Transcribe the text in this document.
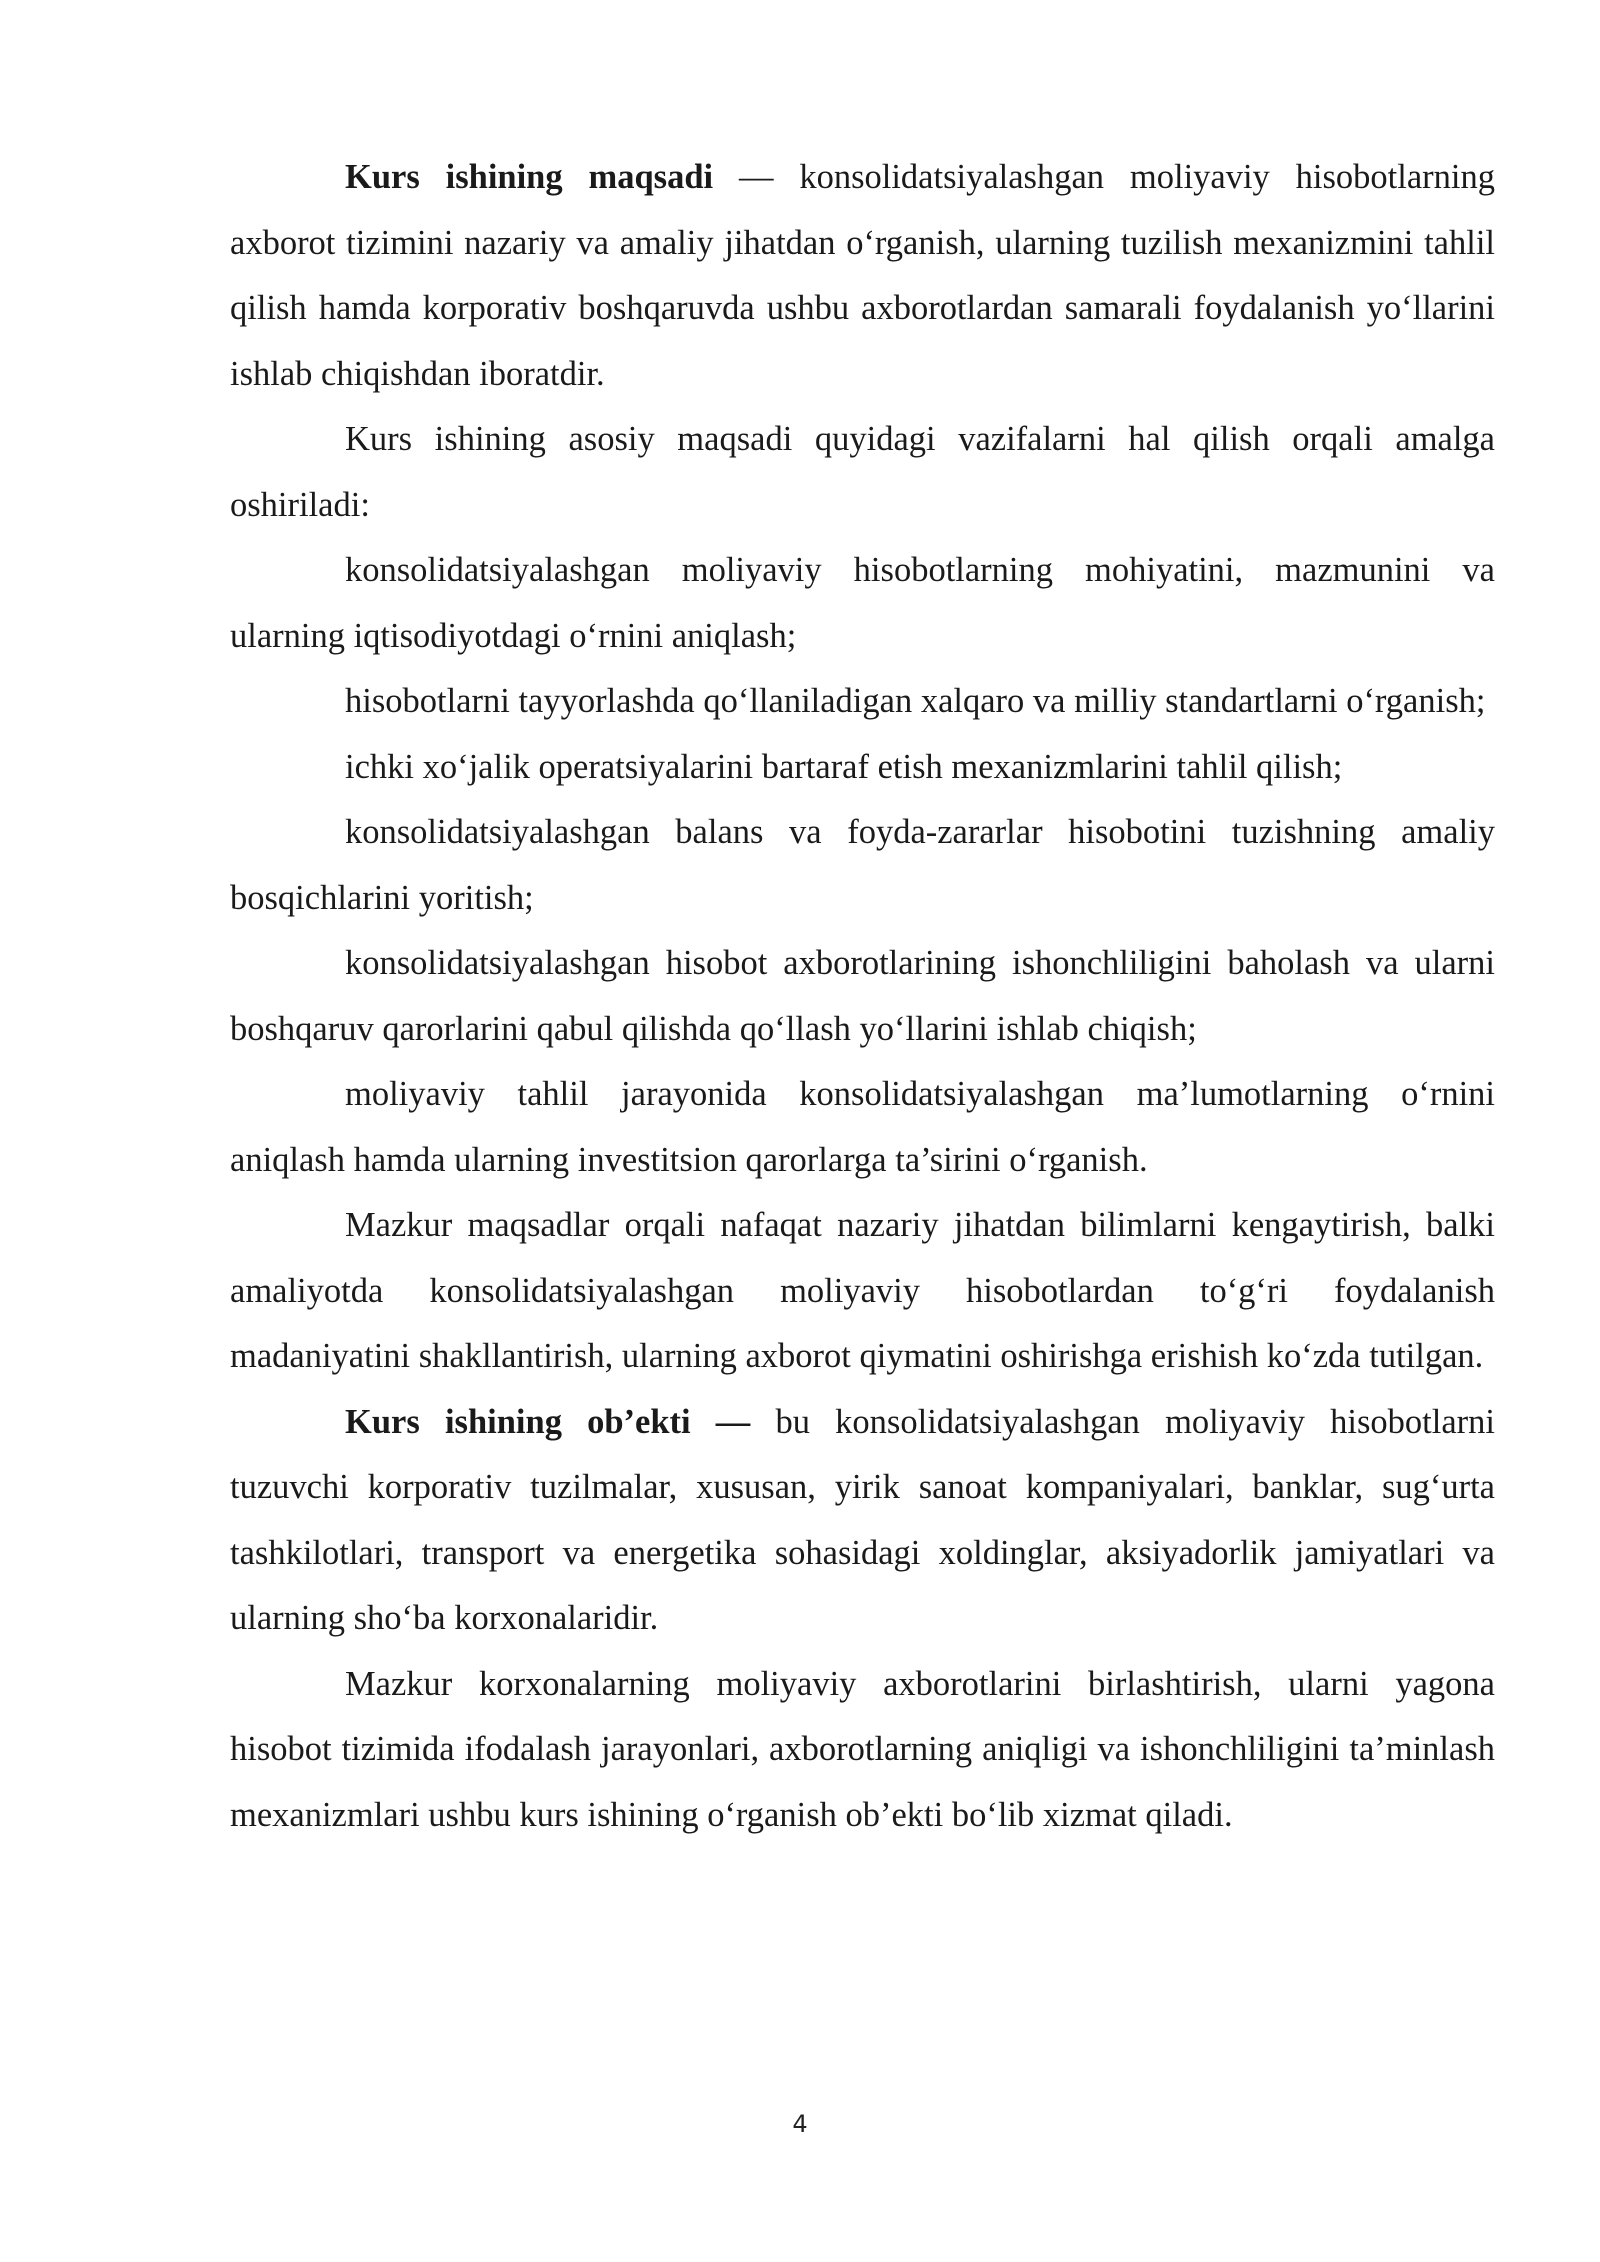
Kurs ishining maqsadi — konsolidatsiyalashgan moliyaviy hisobotlarning axborot tizimini nazariy va amaliy jihatdan o‘rganish, ularning tuzilish mexanizmini tahlil qilish hamda korporativ boshqaruvda ushbu axborotlardan samarali foydalanish yo‘llarini ishlab chiqishdan iboratdir.

Kurs ishining asosiy maqsadi quyidagi vazifalarni hal qilish orqali amalga oshiriladi:

konsolidatsiyalashgan moliyaviy hisobotlarning mohiyatini, mazmunini va ularning iqtisodiyotdagi o‘rnini aniqlash;

hisobotlarni tayyorlashda qo‘llaniladigan xalqaro va milliy standartlarni o‘rganish;

ichki xo‘jalik operatsiyalarini bartaraf etish mexanizmlarini tahlil qilish;

konsolidatsiyalashgan balans va foyda-zararlar hisobotini tuzishning amaliy bosqichlarini yoritish;

konsolidatsiyalashgan hisobot axborotlarining ishonchliligini baholash va ularni boshqaruv qarorlarini qabul qilishda qo‘llash yo‘llarini ishlab chiqish;

moliyaviy tahlil jarayonida konsolidatsiyalashgan ma’lumotlarning o‘rnini aniqlash hamda ularning investitsion qarorlarga ta’sirini o‘rganish.

Mazkur maqsadlar orqali nafaqat nazariy jihatdan bilimlarni kengaytirish, balki amaliyotda konsolidatsiyalashgan moliyaviy hisobotlardan to‘g‘ri foydalanish madaniyatini shakllantirish, ularning axborot qiymatini oshirishga erishish ko‘zda tutilgan.

Kurs ishining ob’ekti — bu konsolidatsiyalashgan moliyaviy hisobotlarni tuzuvchi korporativ tuzilmalar, xususan, yirik sanoat kompaniyalari, banklar, sug‘urta tashkilotlari, transport va energetika sohasidagi xoldinglar, aksiyadorlik jamiyatlari va ularning sho‘ba korxonalaridir.

Mazkur korxonalarning moliyaviy axborotlarini birlashtirish, ularni yagona hisobot tizimida ifodalash jarayonlari, axborotlarning aniqligi va ishonchliligini ta’minlash mexanizmlari ushbu kurs ishining o‘rganish ob’ekti bo‘lib xizmat qiladi.

4
